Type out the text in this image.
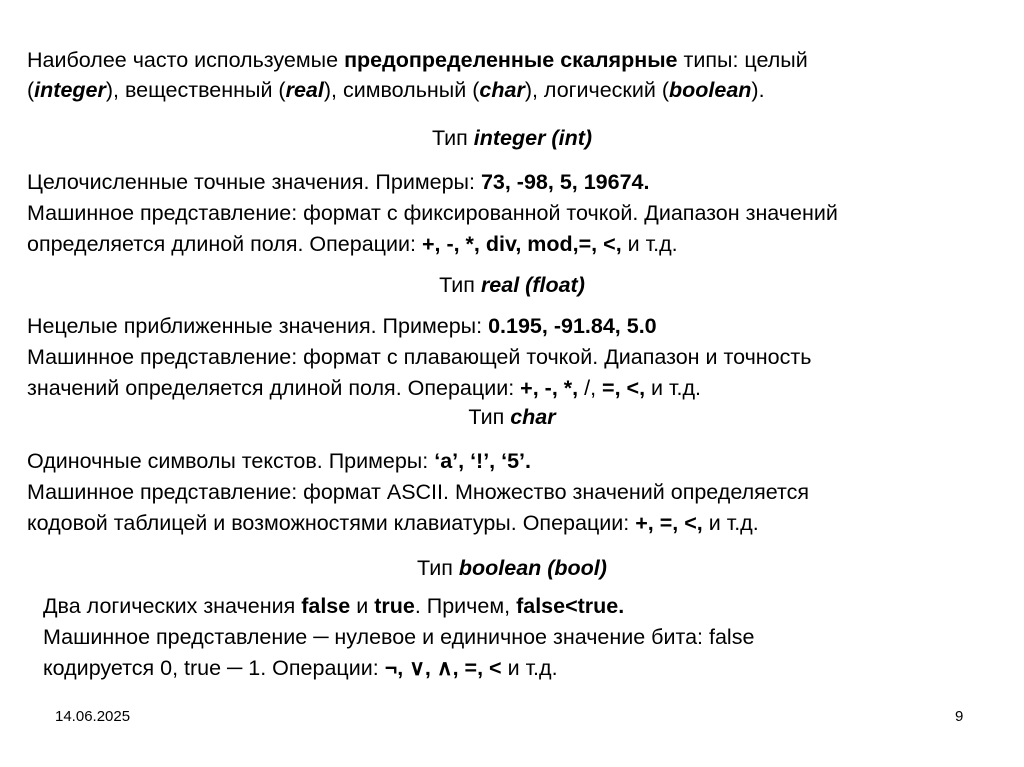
Наиболее часто используемые предопределенные скалярные типы: целый
(integer), вещественный (real), символьный (char), логический (boolean).
Тип integer (int)
Целочисленные точные значения. Примеры: 73, -98, 5, 19674.
Машинное представление: формат с фиксированной точкой. Диапазон значений
определяется длиной поля. Операции: +, -, *, div, mod,=, <, и т.д.
Тип real (float)
Нецелые приближенные значения. Примеры: 0.195, -91.84, 5.0
Машинное представление: формат с плавающей точкой. Диапазон и точность
значений определяется длиной поля. Операции: +, -, *, /, =, <, и т.д.
Тип char
Одиночные символы текстов. Примеры: ‘a’, ‘!’, ‘5’.
Машинное представление: формат ASCII. Множество значений определяется
кодовой таблицей и возможностями клавиатуры. Операции: +, =, <, и т.д.
Тип boolean (bool)
Два логических значения false и true. Причем, false<true.
Машинное представление ─ нулевое и единичное значение бита: false
кодируется 0, true ─ 1. Операции: ¬, ∨, ∧, =, < и т.д.
14.06.2025	9
